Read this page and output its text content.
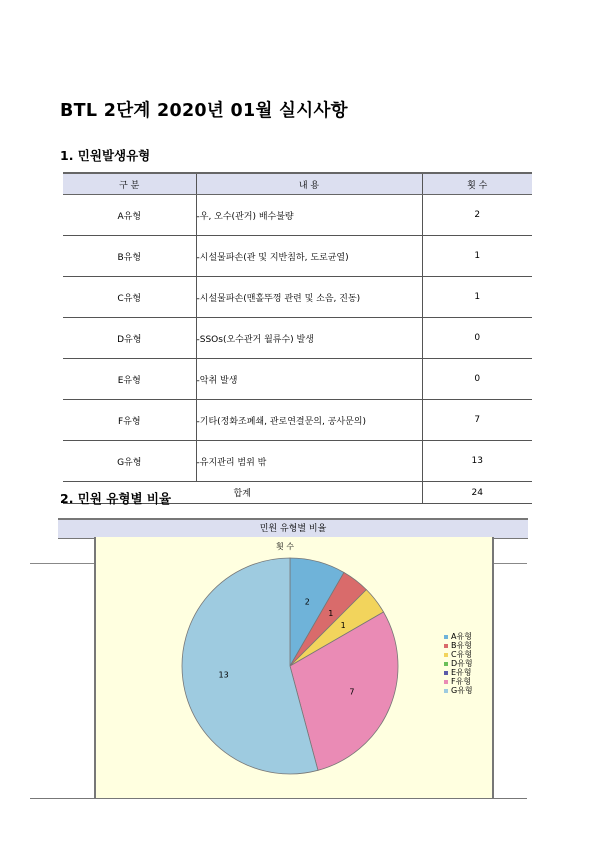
BTL 2단계 2020년 01월 실시사항
1. 민원발생유형
구 분	내 용	횟 수
A유형	-우, 오수(관거) 배수불량	2
B유형	-시설물파손(관 및 지반침하, 도로균열)	1
C유형	-시설물파손(맨홀뚜껑 관련 및 소음, 진동)	1
D유형	-SSOs(오수관거 월류수) 발생	0
E유형	-악취 발생	0
F유형	-기타(정화조폐쇄, 관로연결문의, 공사문의)	7
G유형	-유지관리 범위 밖	13
합계		24
2. 민원 유형별 비율
민원 유형별 비율
횟 수
2
1
1
7
13
A유형
B유형
C유형
D유형
E유형
F유형
G유형
